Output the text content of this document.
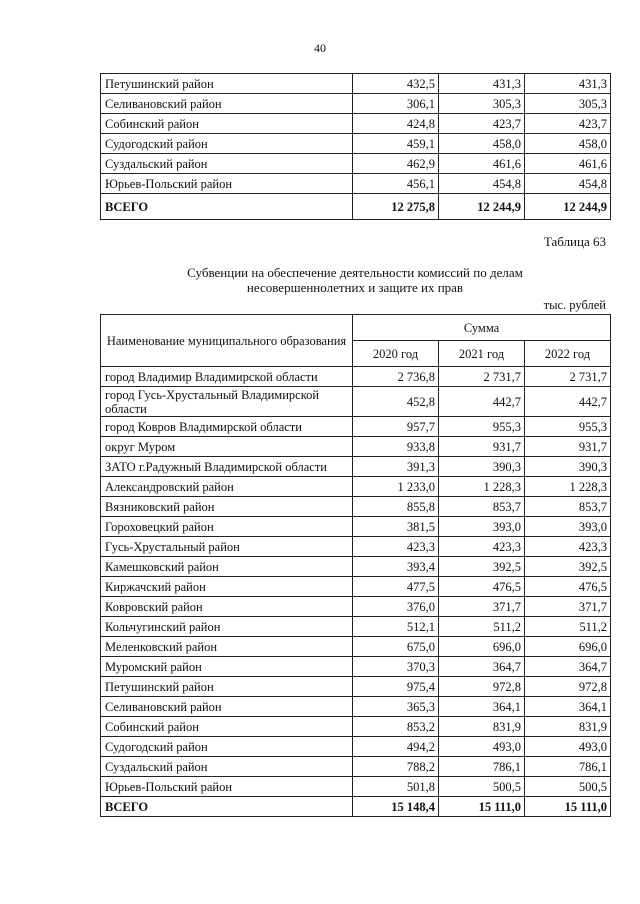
40
Петушинский район	432,5	431,3	431,3
Селивановский район	306,1	305,3	305,3
Собинский район	424,8	423,7	423,7
Судогодский район	459,1	458,0	458,0
Суздальский район	462,9	461,6	461,6
Юрьев-Польский район	456,1	454,8	454,8
ВСЕГО	12 275,8	12 244,9	12 244,9
Таблица 63
Субвенции на обеспечение деятельности комиссий по делам
несовершеннолетних и защите их прав
тыс. рублей
Наименование муниципального образования	Сумма		
	2020 год	2021 год	2022 год
город Владимир Владимирской области	2 736,8	2 731,7	2 731,7
город Гусь-Хрустальный Владимирской области	452,8	442,7	442,7
город Ковров Владимирской области	957,7	955,3	955,3
округ Муром	933,8	931,7	931,7
ЗАТО г.Радужный Владимирской области	391,3	390,3	390,3
Александровский район	1 233,0	1 228,3	1 228,3
Вязниковский район	855,8	853,7	853,7
Гороховецкий район	381,5	393,0	393,0
Гусь-Хрустальный район	423,3	423,3	423,3
Камешковский район	393,4	392,5	392,5
Киржачский район	477,5	476,5	476,5
Ковровский район	376,0	371,7	371,7
Кольчугинский район	512,1	511,2	511,2
Меленковский район	675,0	696,0	696,0
Муромский район	370,3	364,7	364,7
Петушинский район	975,4	972,8	972,8
Селивановский район	365,3	364,1	364,1
Собинский район	853,2	831,9	831,9
Судогодский район	494,2	493,0	493,0
Суздальский район	788,2	786,1	786,1
Юрьев-Польский район	501,8	500,5	500,5
ВСЕГО	15 148,4	15 111,0	15 111,0
